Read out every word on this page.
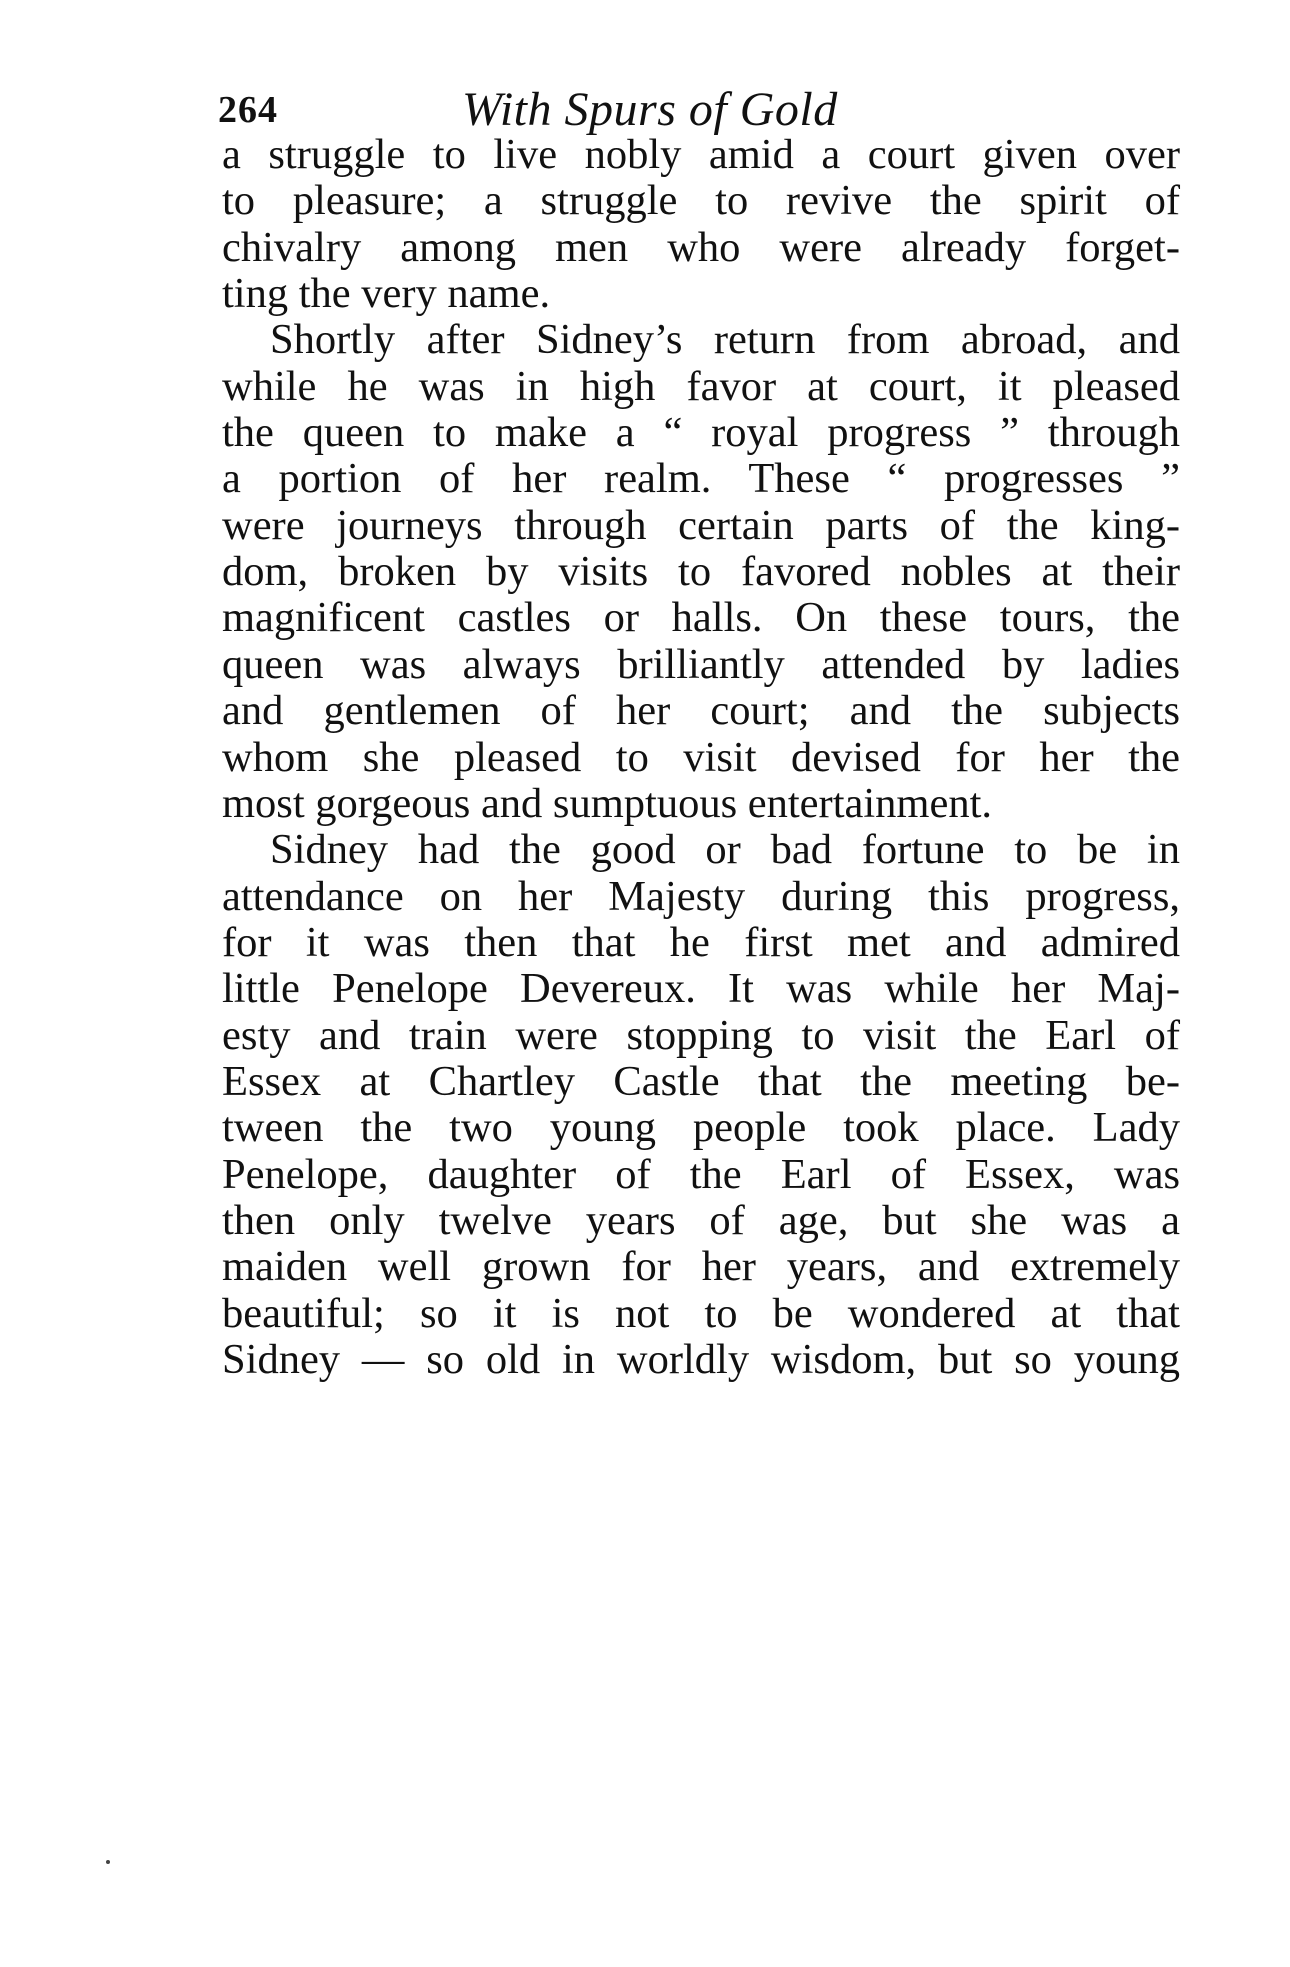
264	With Spurs of Gold
a struggle to live nobly amid a court given over
to pleasure; a struggle to revive the spirit of
chivalry among men who were already forget-
ting the very name.
Shortly after Sidney’s return from abroad, and
while he was in high favor at court, it pleased
the queen to make a “ royal progress ” through
a portion of her realm. These “ progresses ”
were journeys through certain parts of the king-
dom, broken by visits to favored nobles at their
magnificent castles or halls. On these tours, the
queen was always brilliantly attended by ladies
and gentlemen of her court; and the subjects
whom she pleased to visit devised for her the
most gorgeous and sumptuous entertainment.
Sidney had the good or bad fortune to be in
attendance on her Majesty during this progress,
for it was then that he first met and admired
little Penelope Devereux. It was while her Maj-
esty and train were stopping to visit the Earl of
Essex at Chartley Castle that the meeting be-
tween the two young people took place. Lady
Penelope, daughter of the Earl of Essex, was
then only twelve years of age, but she was a
maiden well grown for her years, and extremely
beautiful; so it is not to be wondered at that
Sidney — so old in worldly wisdom, but so young
